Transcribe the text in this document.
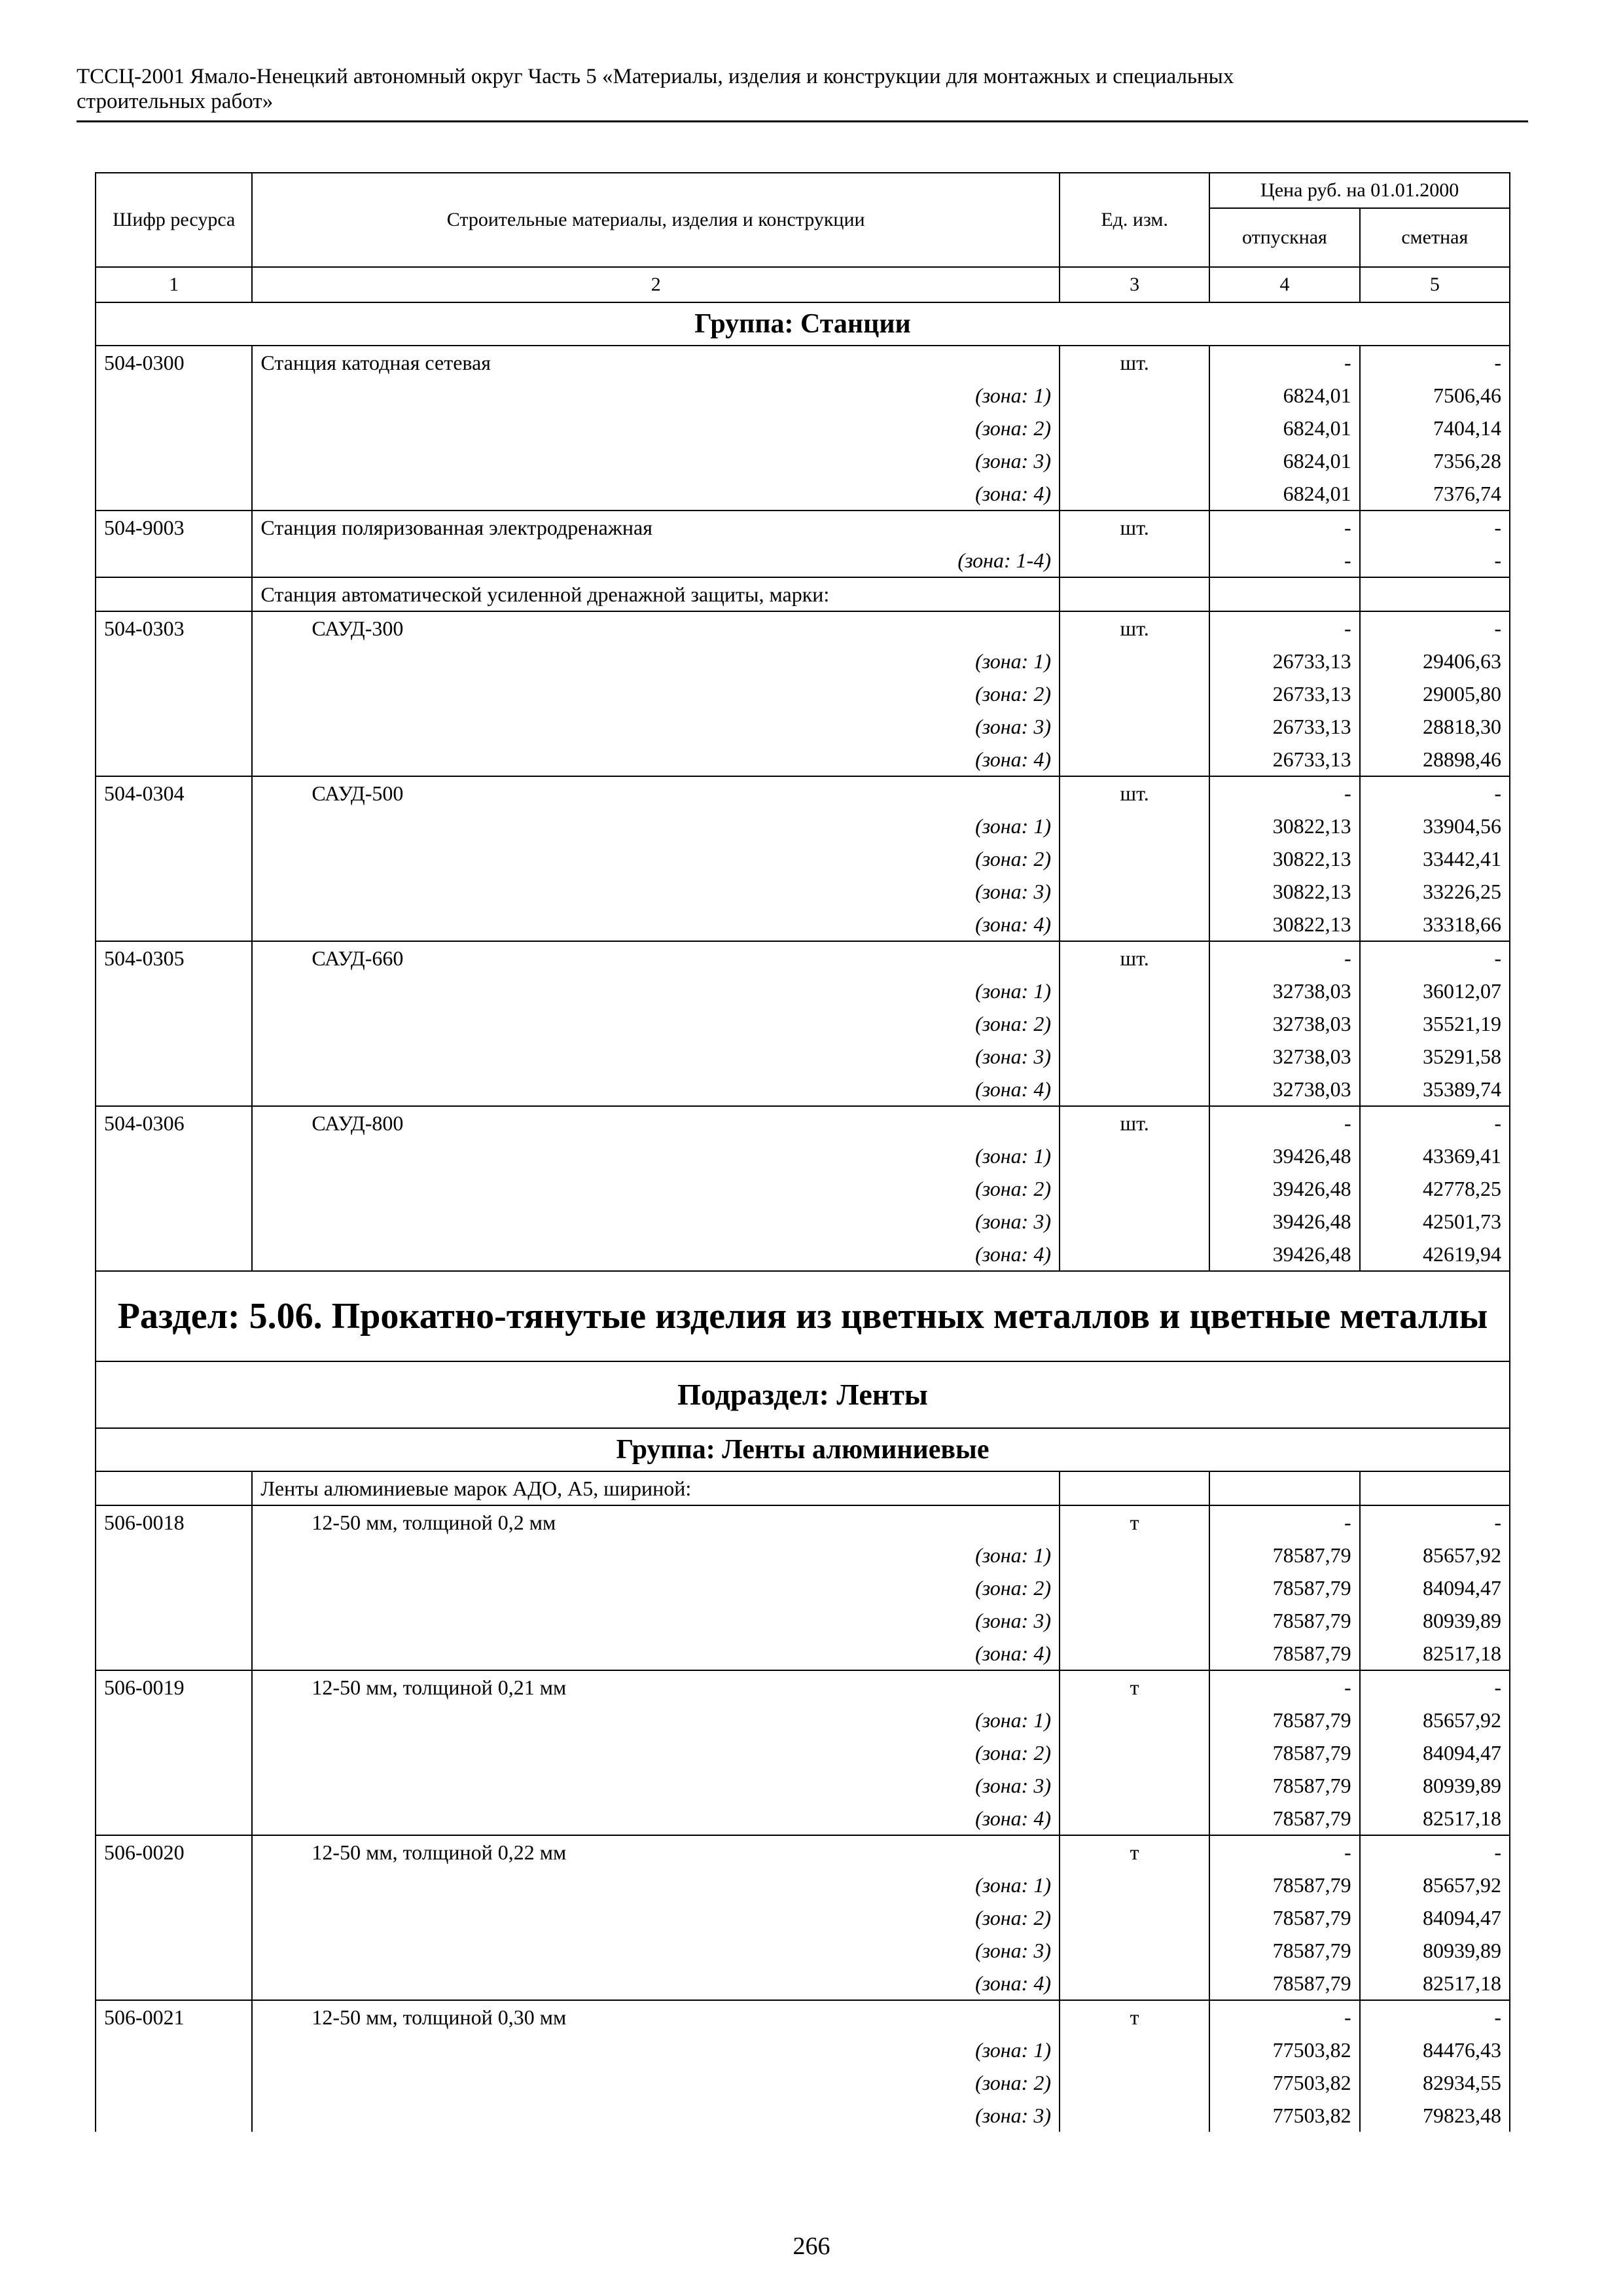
ТССЦ-2001 Ямало-Ненецкий автономный округ Часть 5 «Материалы, изделия и конструкции для монтажных и специальных
строительных работ»
Шифр ресурса	Строительные материалы, изделия и конструкции	Ед. изм.	Цена руб. на 01.01.2000	
			отпускная	сметная
1	2	3	4	5
Группа: Станции				
504-0300	Станция катодная сетевая	шт.	-	-
	(зона: 1)		6824,01	7506,46
	(зона: 2)		6824,01	7404,14
	(зона: 3)		6824,01	7356,28
	(зона: 4)		6824,01	7376,74
504-9003	Станция поляризованная электродренажная	шт.	-	-
	(зона: 1-4)		-	-
	Станция автоматической усиленной дренажной защиты, марки:			
504-0303	САУД-300	шт.	-	-
	(зона: 1)		26733,13	29406,63
	(зона: 2)		26733,13	29005,80
	(зона: 3)		26733,13	28818,30
	(зона: 4)		26733,13	28898,46
504-0304	САУД-500	шт.	-	-
	(зона: 1)		30822,13	33904,56
	(зона: 2)		30822,13	33442,41
	(зона: 3)		30822,13	33226,25
	(зона: 4)		30822,13	33318,66
504-0305	САУД-660	шт.	-	-
	(зона: 1)		32738,03	36012,07
	(зона: 2)		32738,03	35521,19
	(зона: 3)		32738,03	35291,58
	(зона: 4)		32738,03	35389,74
504-0306	САУД-800	шт.	-	-
	(зона: 1)		39426,48	43369,41
	(зона: 2)		39426,48	42778,25
	(зона: 3)		39426,48	42501,73
	(зона: 4)		39426,48	42619,94
Раздел: 5.06. Прокатно-тянутые изделия из цветных металлов и цветные металлы				
Подраздел: Ленты				
Группа: Ленты алюминиевые				
	Ленты алюминиевые марок АДО, А5, шириной:			
506-0018	12-50 мм, толщиной 0,2 мм	т	-	-
	(зона: 1)		78587,79	85657,92
	(зона: 2)		78587,79	84094,47
	(зона: 3)		78587,79	80939,89
	(зона: 4)		78587,79	82517,18
506-0019	12-50 мм, толщиной 0,21 мм	т	-	-
	(зона: 1)		78587,79	85657,92
	(зона: 2)		78587,79	84094,47
	(зона: 3)		78587,79	80939,89
	(зона: 4)		78587,79	82517,18
506-0020	12-50 мм, толщиной 0,22 мм	т	-	-
	(зона: 1)		78587,79	85657,92
	(зона: 2)		78587,79	84094,47
	(зона: 3)		78587,79	80939,89
	(зона: 4)		78587,79	82517,18
506-0021	12-50 мм, толщиной 0,30 мм	т	-	-
	(зона: 1)		77503,82	84476,43
	(зона: 2)		77503,82	82934,55
	(зона: 3)		77503,82	79823,48
266
